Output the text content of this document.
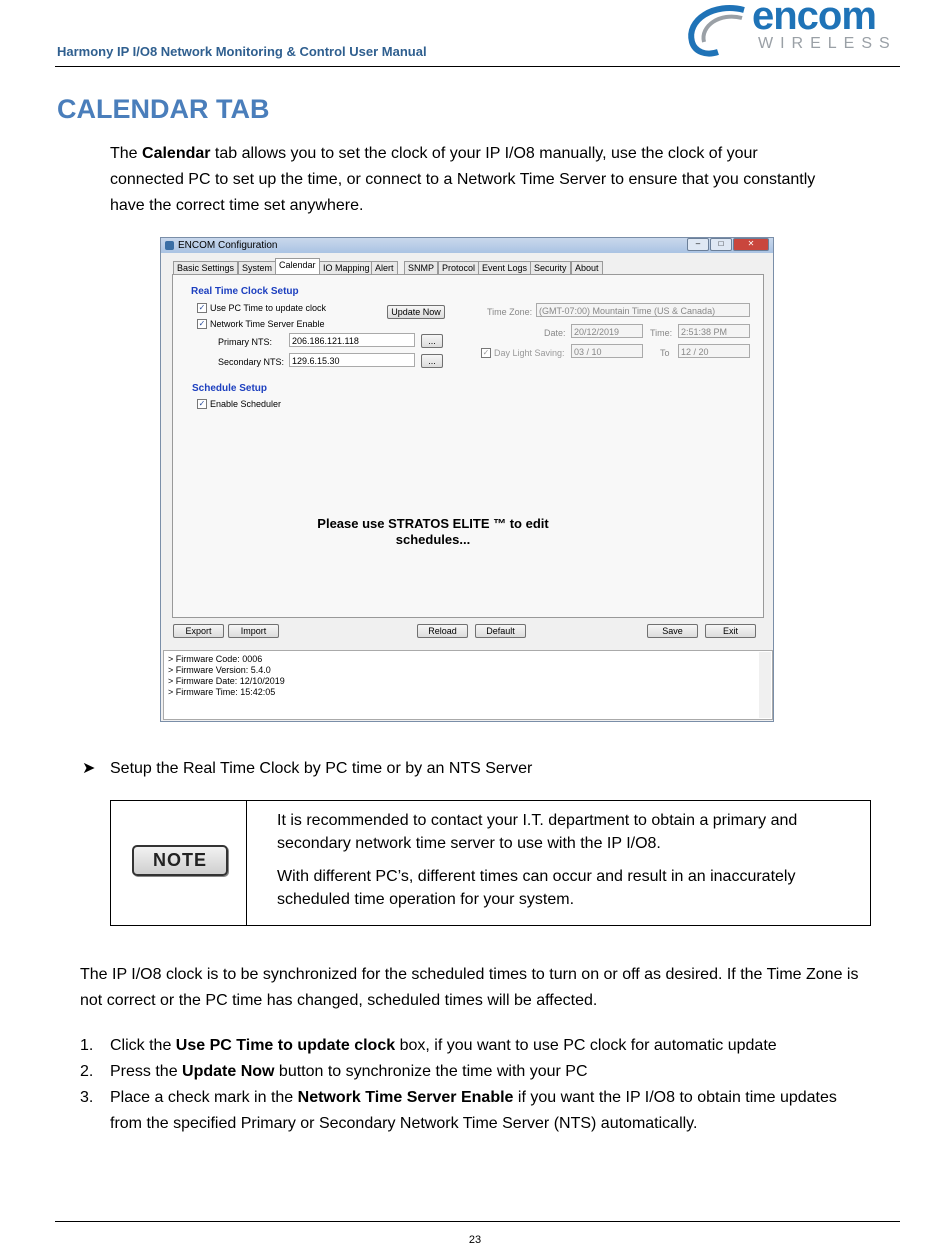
Harmony IP I/O8 Network Monitoring & Control User Manual
encom
WIRELESS
CALENDAR TAB
The Calendar tab allows you to set the clock of your IP I/O8 manually, use the clock of your connected PC to set up the time, or connect to a Network Time Server to ensure that you constantly have the correct time set anywhere.
ENCOM Configuration	–	□	✕
Basic Settings System Calendar IO Mapping Alert	SNMP Protocol Event Logs Security About
Real Time Clock Setup
✓ Use PC Time to update clock
✓ Network Time Server Enable
Primary NTS:	206.186.121.118	...
Secondary NTS: 129.6.15.30	...
Update Now	Time Zone: (GMT-07:00) Mountain Time (US & Canada)
Date: 20/12/2019	Time: 2:51:38 PM
✓ Day Light Saving:	03 / 10	To	12 / 20
Schedule Setup
✓ Enable Scheduler
Please use STRATOS ELITE ™ to edit
schedules...
Export	Import	Reload	Default	Save	Exit
> Firmware Code: 0006
> Firmware Version: 5.4.0
> Firmware Date: 12/10/2019
> Firmware Time: 15:42:05
➤ Setup the Real Time Clock by PC time or by an NTS Server
NOTE
It is recommended to contact your I.T. department to obtain a primary and secondary network time server to use with the IP I/O8.
With different PC’s, different times can occur and result in an inaccurately scheduled time operation for your system.
The IP I/O8 clock is to be synchronized for the scheduled times to turn on or off as desired. If the Time Zone is not correct or the PC time has changed, scheduled times will be affected.
1. Click the Use PC Time to update clock box, if you want to use PC clock for automatic update
2. Press the Update Now button to synchronize the time with your PC
3. Place a check mark in the Network Time Server Enable if you want the IP I/O8 to obtain time updates from the specified Primary or Secondary Network Time Server (NTS) automatically.
23
